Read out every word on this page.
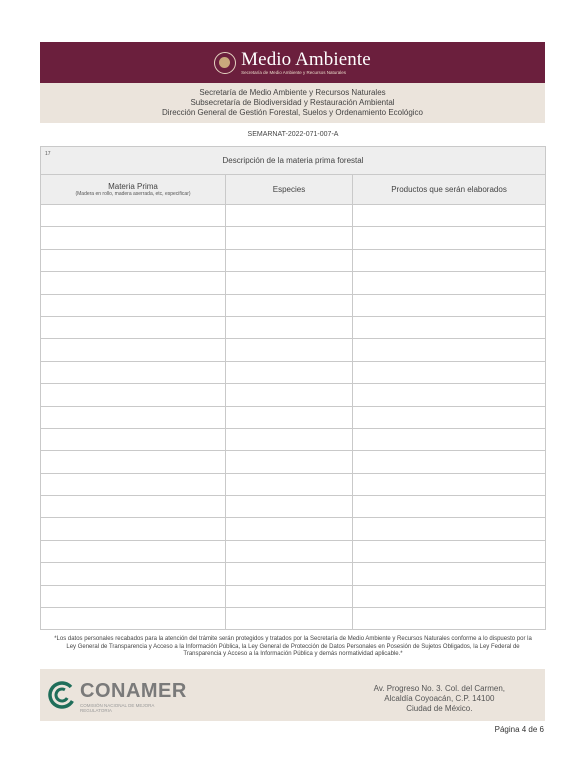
Medio Ambiente
Secretaría de Medio Ambiente y Recursos Naturales
Secretaría de Medio Ambiente y Recursos Naturales
Subsecretaría de Biodiversidad y Restauración Ambiental
Dirección General de Gestión Forestal, Suelos y Ordenamiento Ecológico
SEMARNAT-2022-071-007-A
17
Descripción de la materia prima forestal		
Materia Prima
(Madera en rollo, madera aserrada, etc, especificar)	Especies	Productos que serán elaborados

*Los datos personales recabados para la atención del trámite serán protegidos y tratados por la Secretaría de Medio Ambiente y Recursos Naturales conforme a lo dispuesto por la Ley General de Transparencia y Acceso a la Información Pública, la Ley General de Protección de Datos Personales en Posesión de Sujetos Obligados, la Ley Federal de Transparencia y Acceso a la Información Pública y demás normatividad aplicable.*
CONAMER
COMISIÓN NACIONAL DE MEJORA REGULATORIA
Av. Progreso No. 3. Col. del Carmen,
Alcaldía Coyoacán, C.P. 14100
Ciudad de México.
Página 4 de 6
